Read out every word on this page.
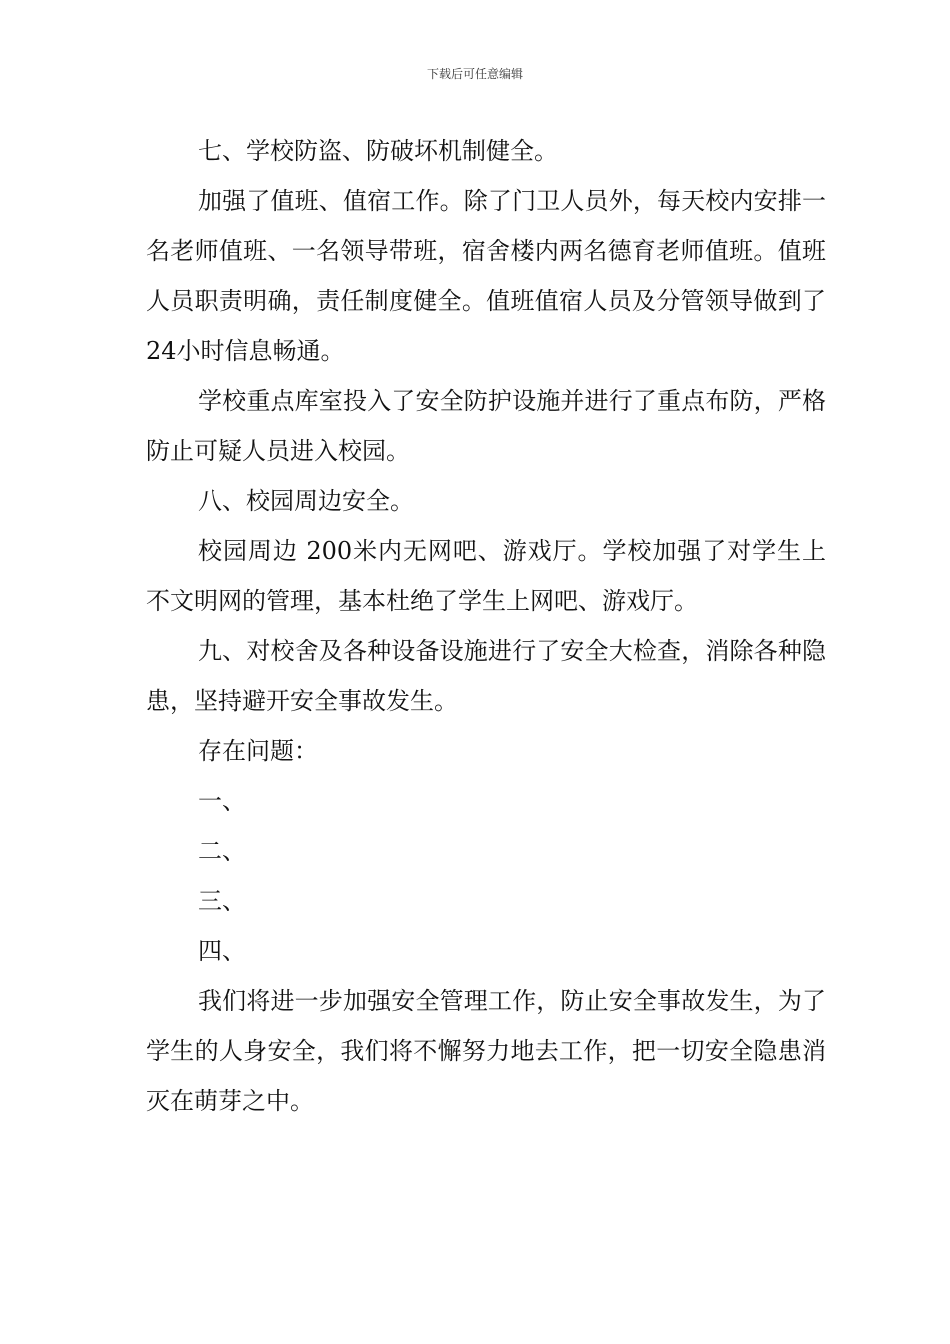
下载后可任意编辑

七、学校防盗、防破坏机制健全。

加强了值班、值宿工作。除了门卫人员外，每天校内安排一名老师值班、一名领导带班，宿舍楼内两名德育老师值班。值班人员职责明确，责任制度健全。值班值宿人员及分管领导做到了24小时信息畅通。

学校重点库室投入了安全防护设施并进行了重点布防，严格防止可疑人员进入校园。

八、校园周边安全。

校园周边 200米内无网吧、游戏厅。学校加强了对学生上不文明网的管理，基本杜绝了学生上网吧、游戏厅。

九、对校舍及各种设备设施进行了安全大检查，消除各种隐患，坚持避开安全事故发生。

存在问题：

一、

二、

三、

四、

我们将进一步加强安全管理工作，防止安全事故发生，为了学生的人身安全，我们将不懈努力地去工作，把一切安全隐患消灭在萌芽之中。
